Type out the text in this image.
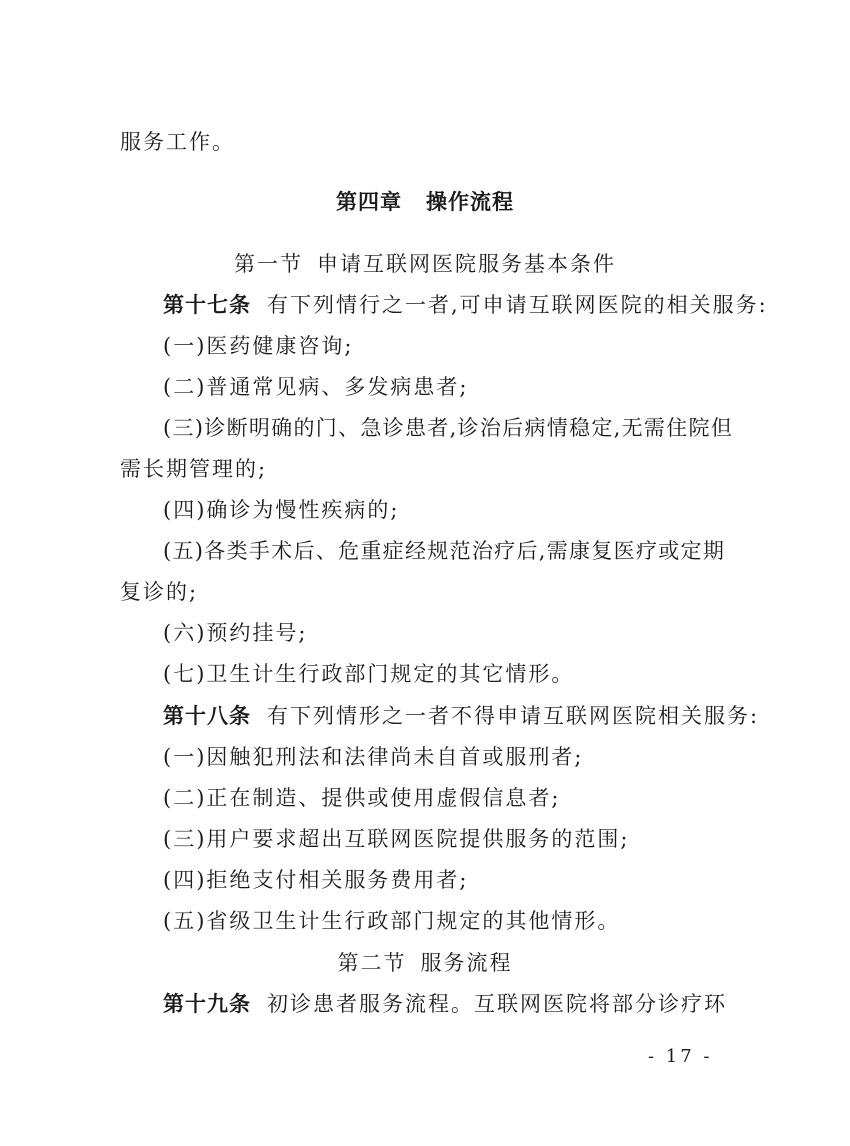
服务工作。
第四章 操作流程
第一节 申请互联网医院服务基本条件
第十七条 有下列情行之一者,可申请互联网医院的相关服务:
(一)医药健康咨询;
(二)普通常见病、多发病患者;
(三)诊断明确的门、急诊患者,诊治后病情稳定,无需住院但
需长期管理的;
(四)确诊为慢性疾病的;
(五)各类手术后、危重症经规范治疗后,需康复医疗或定期
复诊的;
(六)预约挂号;
(七)卫生计生行政部门规定的其它情形。
第十八条 有下列情形之一者不得申请互联网医院相关服务:
(一)因触犯刑法和法律尚未自首或服刑者;
(二)正在制造、提供或使用虚假信息者;
(三)用户要求超出互联网医院提供服务的范围;
(四)拒绝支付相关服务费用者;
(五)省级卫生计生行政部门规定的其他情形。
第二节 服务流程
第十九条 初诊患者服务流程。互联网医院将部分诊疗环
- 17 -
